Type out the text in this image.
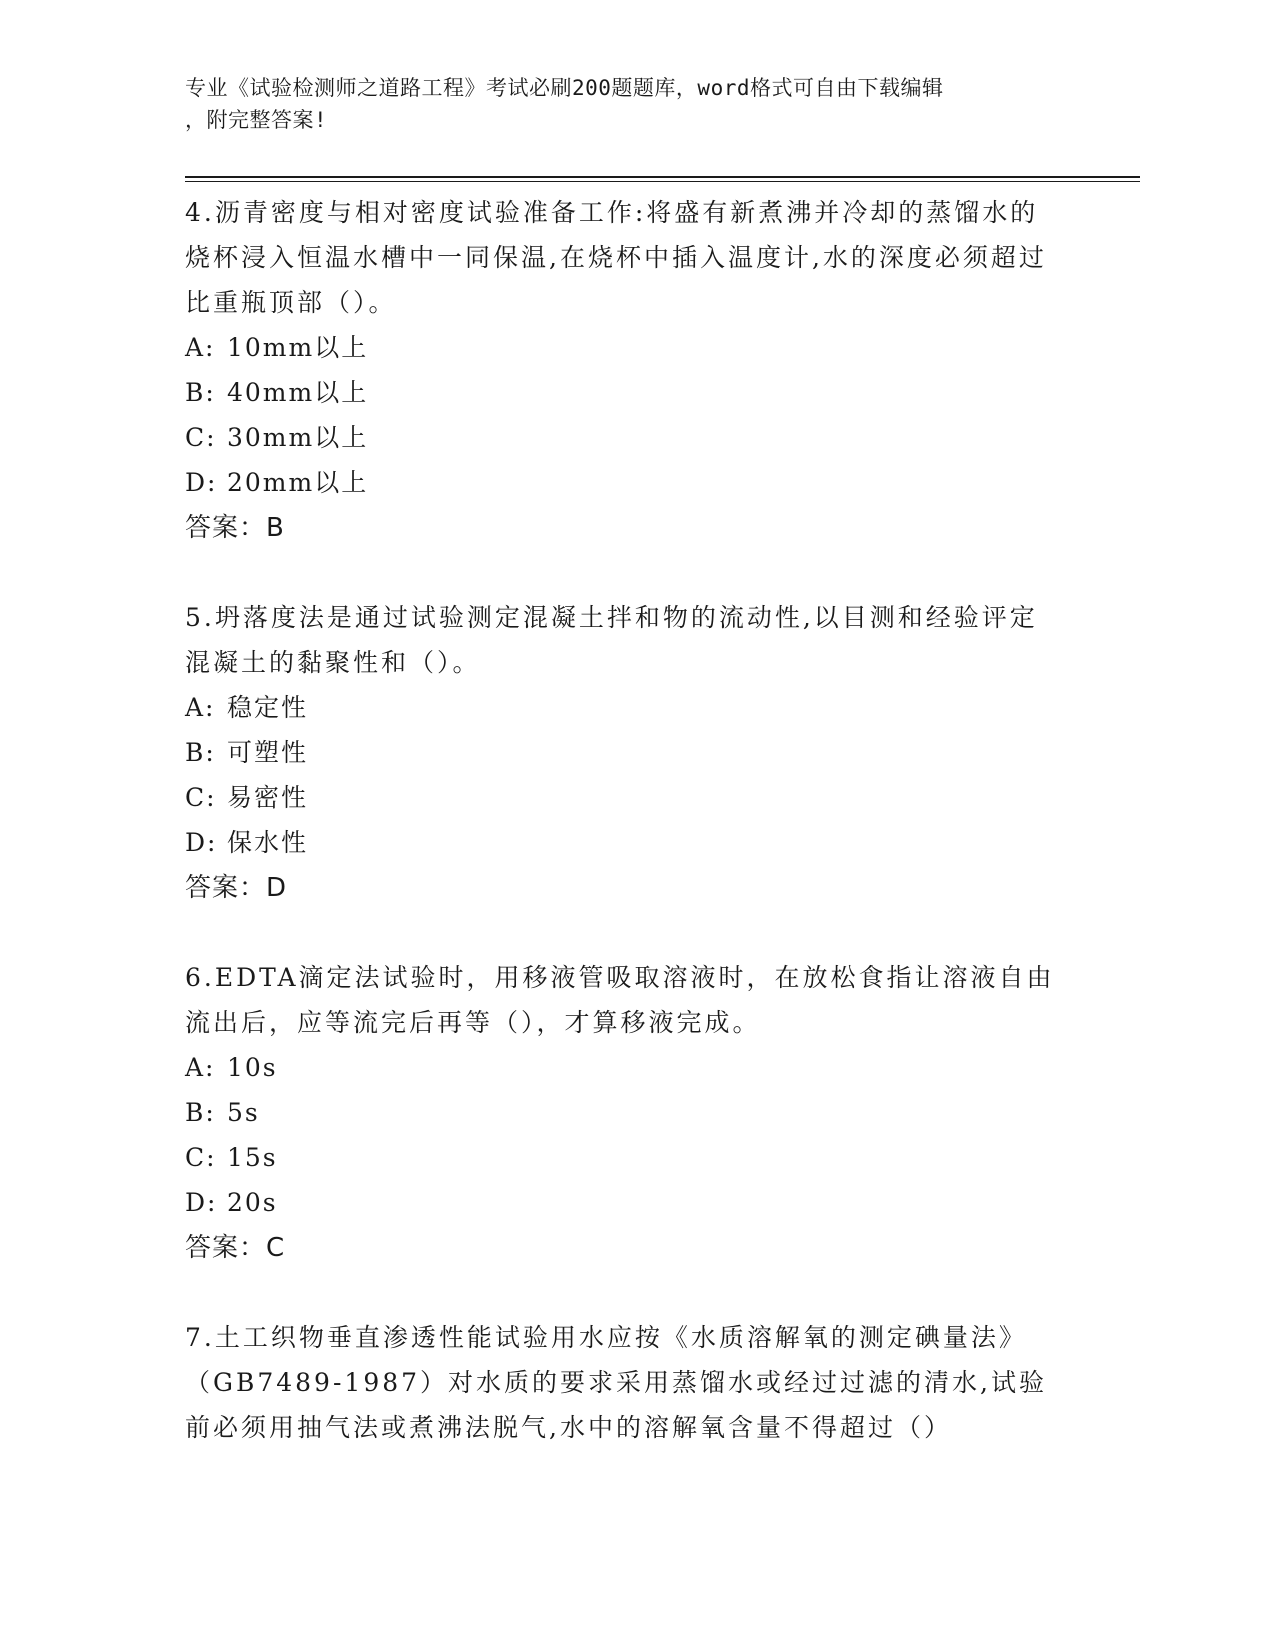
专业《试验检测师之道路工程》考试必刷200题题库，word格式可自由下载编辑
，附完整答案!

4.沥青密度与相对密度试验准备工作:将盛有新煮沸并冷却的蒸馏水的烧杯浸入恒温水槽中一同保温,在烧杯中插入温度计,水的深度必须超过比重瓶顶部（）。

A: 10mm以上

B: 40mm以上

C: 30mm以上

D: 20mm以上

答案：B

5.坍落度法是通过试验测定混凝土拌和物的流动性,以目测和经验评定混凝土的黏聚性和（）。

A: 稳定性

B: 可塑性

C: 易密性

D: 保水性

答案：D

6.EDTA滴定法试验时，用移液管吸取溶液时，在放松食指让溶液自由流出后，应等流完后再等（），才算移液完成。

A: 10s

B: 5s

C: 15s

D: 20s

答案：C

7.土工织物垂直渗透性能试验用水应按《水质溶解氧的测定碘量法》（GB7489-1987）对水质的要求采用蒸馏水或经过过滤的清水,试验前必须用抽气法或煮沸法脱气,水中的溶解氧含量不得超过（）
